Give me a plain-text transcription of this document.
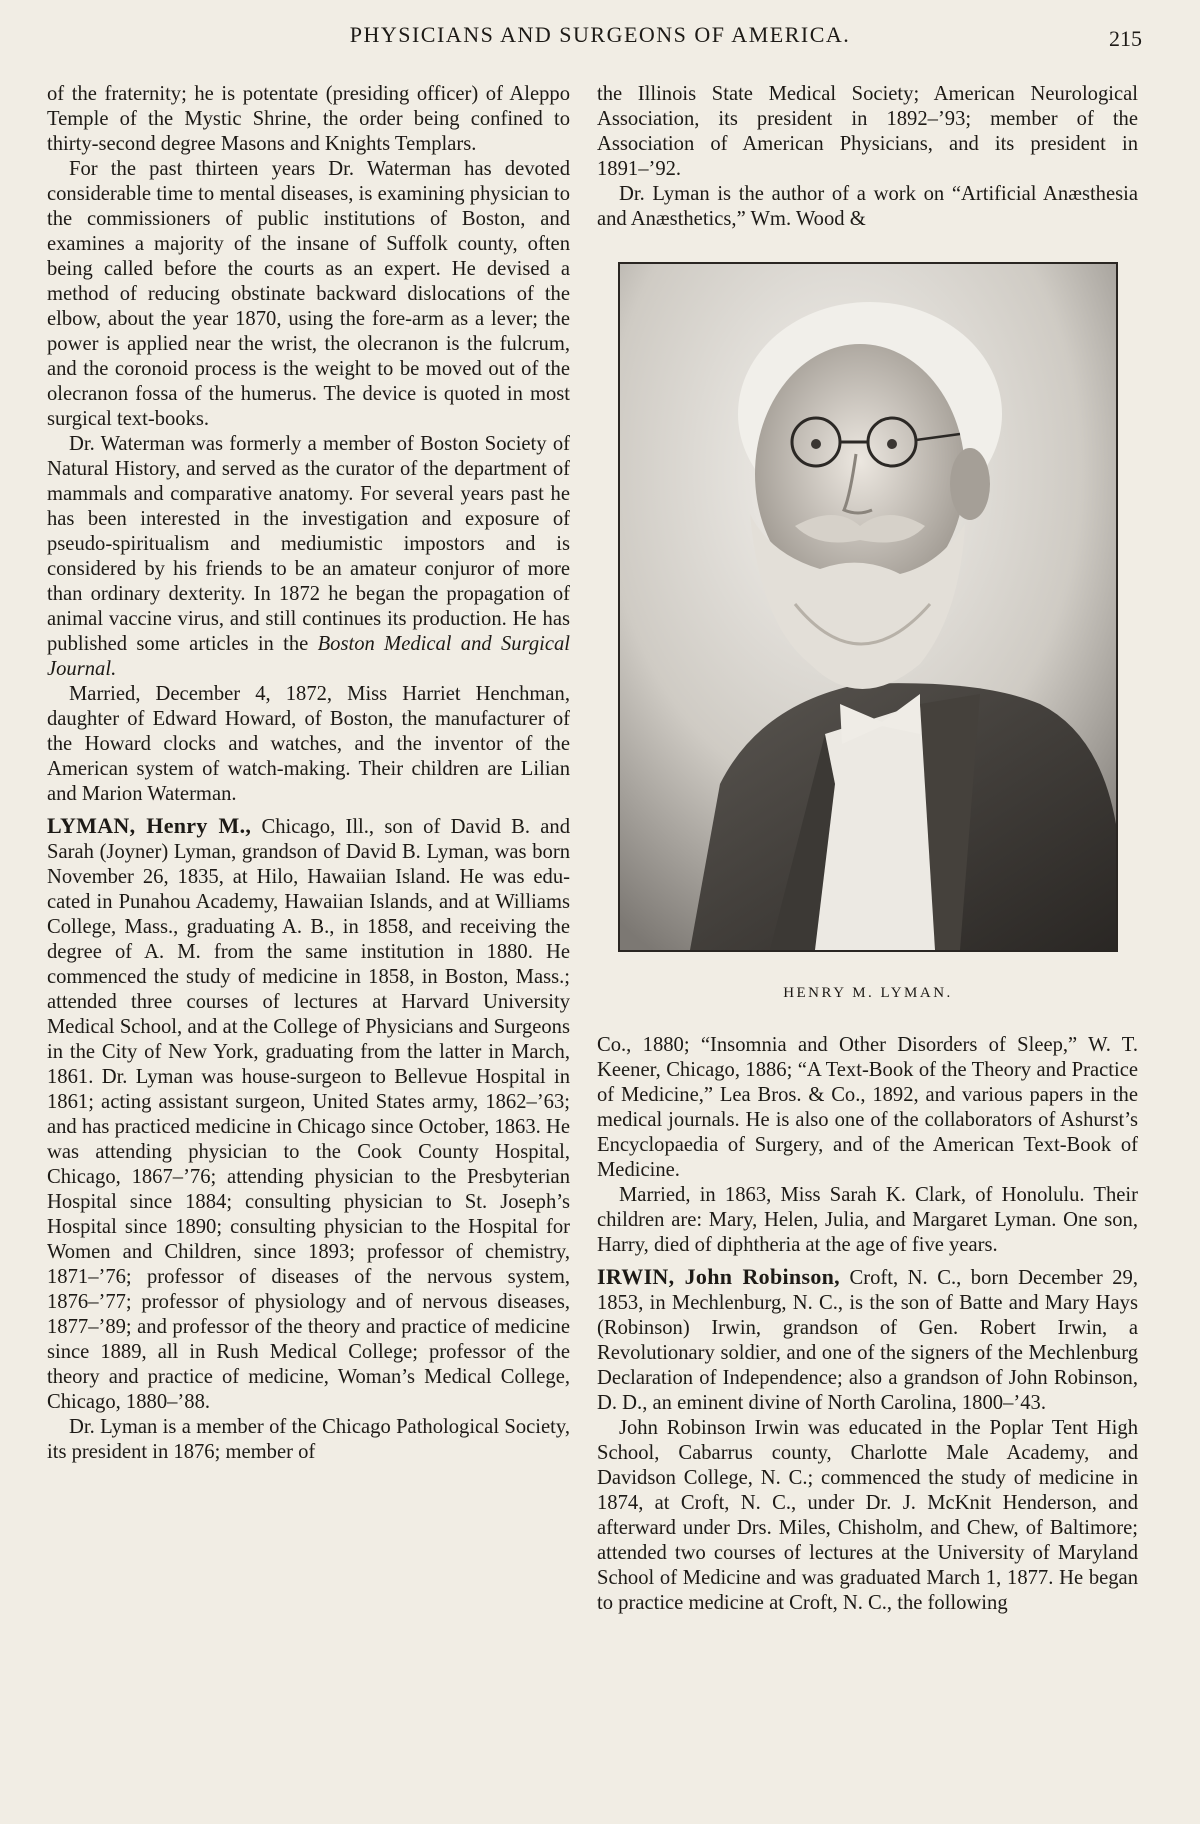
PHYSICIANS AND SURGEONS OF AMERICA.	215

of the fraternity; he is potentate (presiding officer) of Aleppo Temple of the Mystic Shrine, the order being confined to thirty-second degree Masons and Knights Templars.

For the past thirteen years Dr. Waterman has devoted considerable time to mental diseases, is examining physician to the commissioners of public institutions of Boston, and examines a majority of the insane of Suffolk county, often being called before the courts as an expert. He devised a method of reducing obstinate backward dislocations of the elbow, about the year 1870, using the fore-arm as a lever; the power is applied near the wrist, the olecranon is the fulcrum, and the coronoid process is the weight to be moved out of the olecranon fossa of the humerus. The device is quoted in most surgical text-books.

Dr. Waterman was formerly a member of Boston Society of Natural History, and served as the curator of the department of mammals and comparative anatomy. For several years past he has been interested in the investigation and exposure of pseudo-spiritualism and mediumistic impostors and is considered by his friends to be an amateur conjuror of more than ordinary dexterity. In 1872 he began the propagation of animal vaccine virus, and still continues its production. He has published some articles in the Boston Medical and Surgical Journal.

Married, December 4, 1872, Miss Harriet Henchman, daughter of Edward Howard, of Boston, the manufacturer of the Howard clocks and watches, and the inventor of the American system of watch-making. Their children are Lilian and Marion Waterman.

LYMAN, Henry M., Chicago, Ill., son of David B. and Sarah (Joyner) Lyman, grandson of David B. Lyman, was born November 26, 1835, at Hilo, Hawaiian Island. He was educated in Punahou Academy, Hawaiian Islands, and at Williams College, Mass., graduating A. B., in 1858, and receiving the degree of A. M. from the same institution in 1880. He commenced the study of medicine in 1858, in Boston, Mass.; attended three courses of lectures at Harvard University Medical School, and at the College of Physicians and Surgeons in the City of New York, graduating from the latter in March, 1861. Dr. Lyman was house-surgeon to Bellevue Hospital in 1861; acting assistant surgeon, United States army, 1862–’63; and has practiced medicine in Chicago since October, 1863. He was attending physician to the Cook County Hospital, Chicago, 1867–’76; attending physician to the Presbyterian Hospital since 1884; consulting physician to St. Joseph’s Hospital since 1890; consulting physician to the Hospital for Women and Children, since 1893; professor of chemistry, 1871–’76; professor of diseases of the nervous system, 1876–’77; professor of physiology and of nervous diseases, 1877–’89; and professor of the theory and practice of medicine since 1889, all in Rush Medical College; professor of the theory and practice of medicine, Woman’s Medical College, Chicago, 1880–’88.

Dr. Lyman is a member of the Chicago Pathological Society, its president in 1876; member of

the Illinois State Medical Society; American Neurological Association, its president in 1892–’93; member of the Association of American Physicians, and its president in 1891–’92.

Dr. Lyman is the author of a work on “Artificial Anæsthesia and Anæsthetics,” Wm. Wood &

HENRY M. LYMAN.

Co., 1880; “Insomnia and Other Disorders of Sleep,” W. T. Keener, Chicago, 1886; “A Text-Book of the Theory and Practice of Medicine,” Lea Bros. & Co., 1892, and various papers in the medical journals. He is also one of the collaborators of Ashurst’s Encyclopaedia of Surgery, and of the American Text-Book of Medicine.

Married, in 1863, Miss Sarah K. Clark, of Honolulu. Their children are: Mary, Helen, Julia, and Margaret Lyman. One son, Harry, died of diphtheria at the age of five years.

IRWIN, John Robinson, Croft, N. C., born December 29, 1853, in Mechlenburg, N. C., is the son of Batte and Mary Hays (Robinson) Irwin, grandson of Gen. Robert Irwin, a Revolutionary soldier, and one of the signers of the Mechlenburg Declaration of Independence; also a grandson of John Robinson, D. D., an eminent divine of North Carolina, 1800–’43.

John Robinson Irwin was educated in the Poplar Tent High School, Cabarrus county, Charlotte Male Academy, and Davidson College, N. C.; commenced the study of medicine in 1874, at Croft, N. C., under Dr. J. McKnit Henderson, and afterward under Drs. Miles, Chisholm, and Chew, of Baltimore; attended two courses of lectures at the University of Maryland School of Medicine and was graduated March 1, 1877. He began to practice medicine at Croft, N. C., the following
